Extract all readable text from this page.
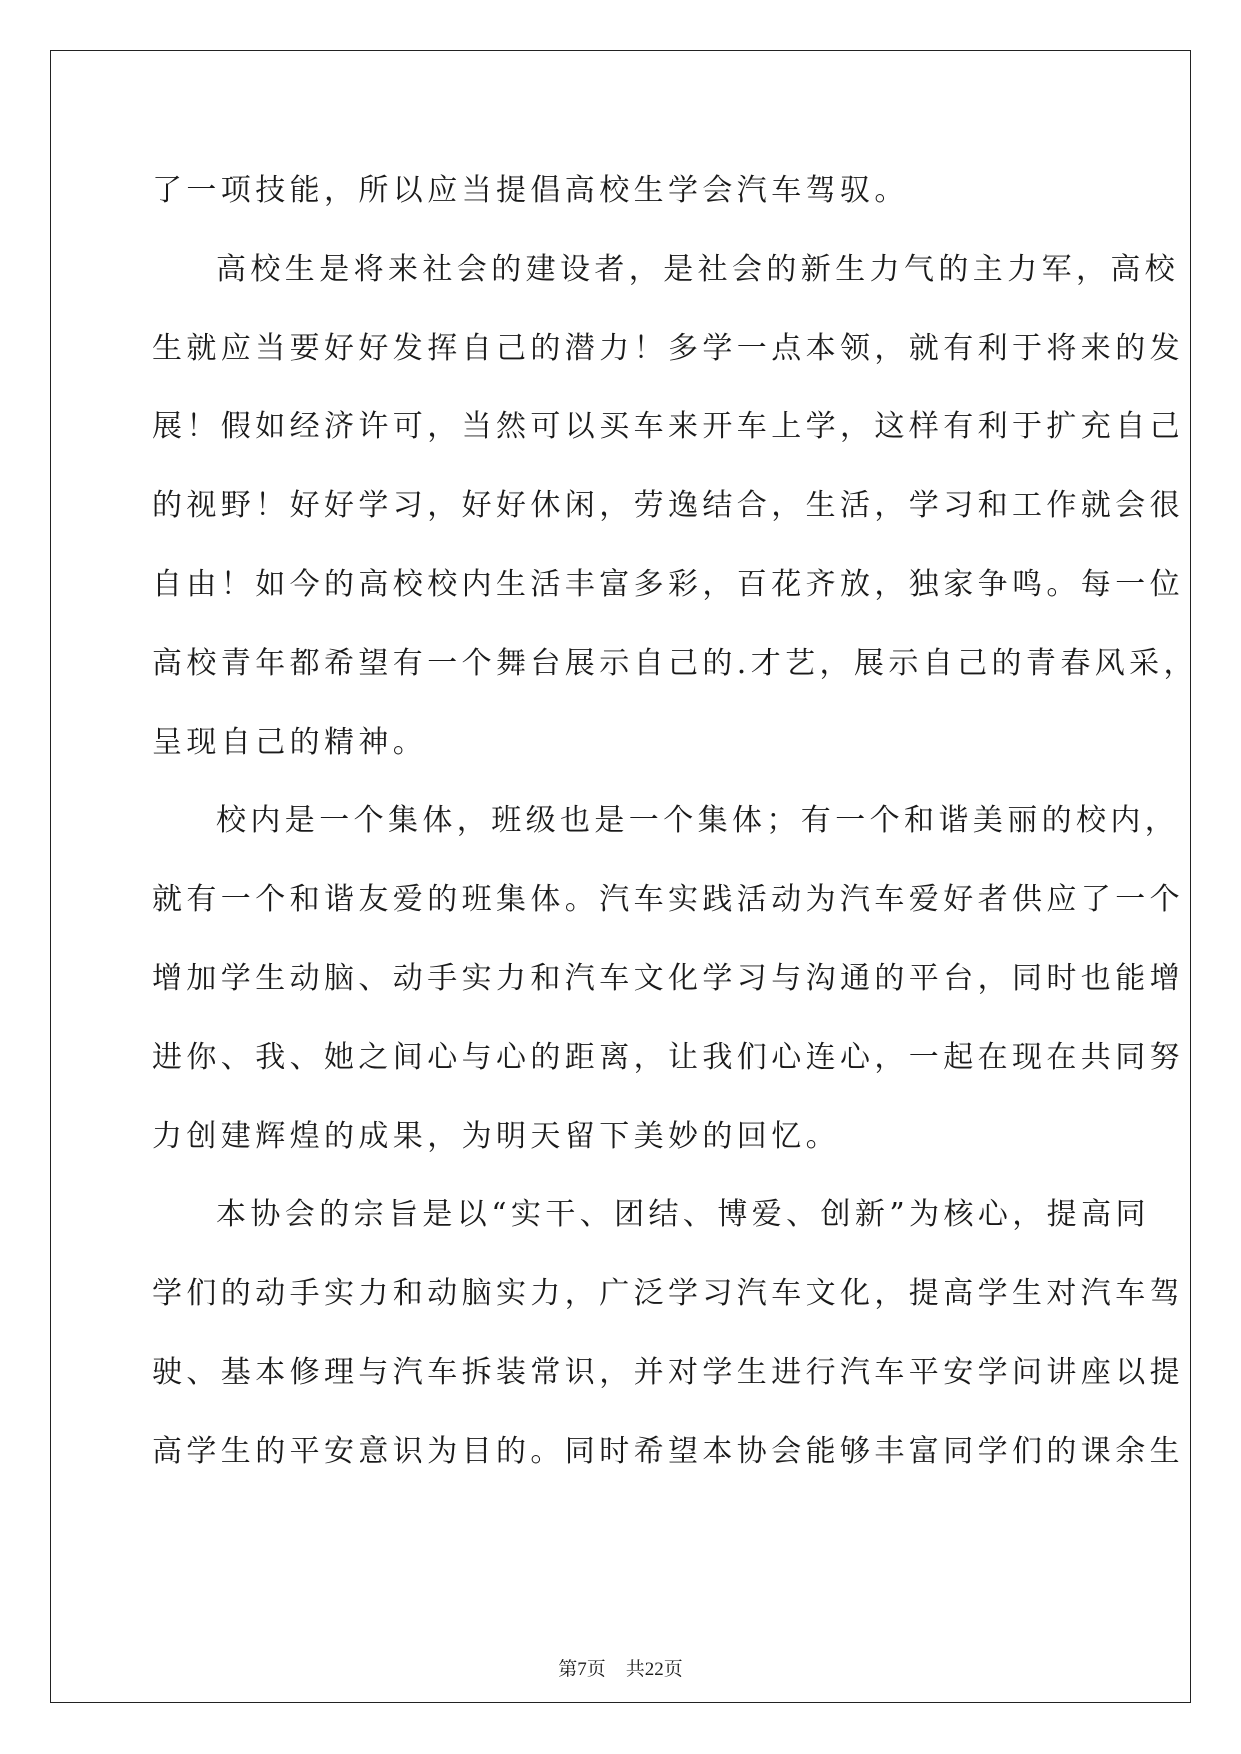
了一项技能，所以应当提倡高校生学会汽车驾驭。
高校生是将来社会的建设者，是社会的新生力气的主力军，高校
生就应当要好好发挥自己的潜力！多学一点本领，就有利于将来的发
展！假如经济许可，当然可以买车来开车上学，这样有利于扩充自己
的视野！好好学习，好好休闲，劳逸结合，生活，学习和工作就会很
自由！如今的高校校内生活丰富多彩，百花齐放，独家争鸣。每一位
高校青年都希望有一个舞台展示自己的.才艺，展示自己的青春风采，
呈现自己的精神。
校内是一个集体，班级也是一个集体；有一个和谐美丽的校内，
就有一个和谐友爱的班集体。汽车实践活动为汽车爱好者供应了一个
增加学生动脑、动手实力和汽车文化学习与沟通的平台，同时也能增
进你、我、她之间心与心的距离，让我们心连心，一起在现在共同努
力创建辉煌的成果，为明天留下美妙的回忆。
本协会的宗旨是以“实干、团结、博爱、创新”为核心，提高同
学们的动手实力和动脑实力，广泛学习汽车文化，提高学生对汽车驾
驶、基本修理与汽车拆装常识，并对学生进行汽车平安学问讲座以提
高学生的平安意识为目的。同时希望本协会能够丰富同学们的课余生
第7页 共22页
